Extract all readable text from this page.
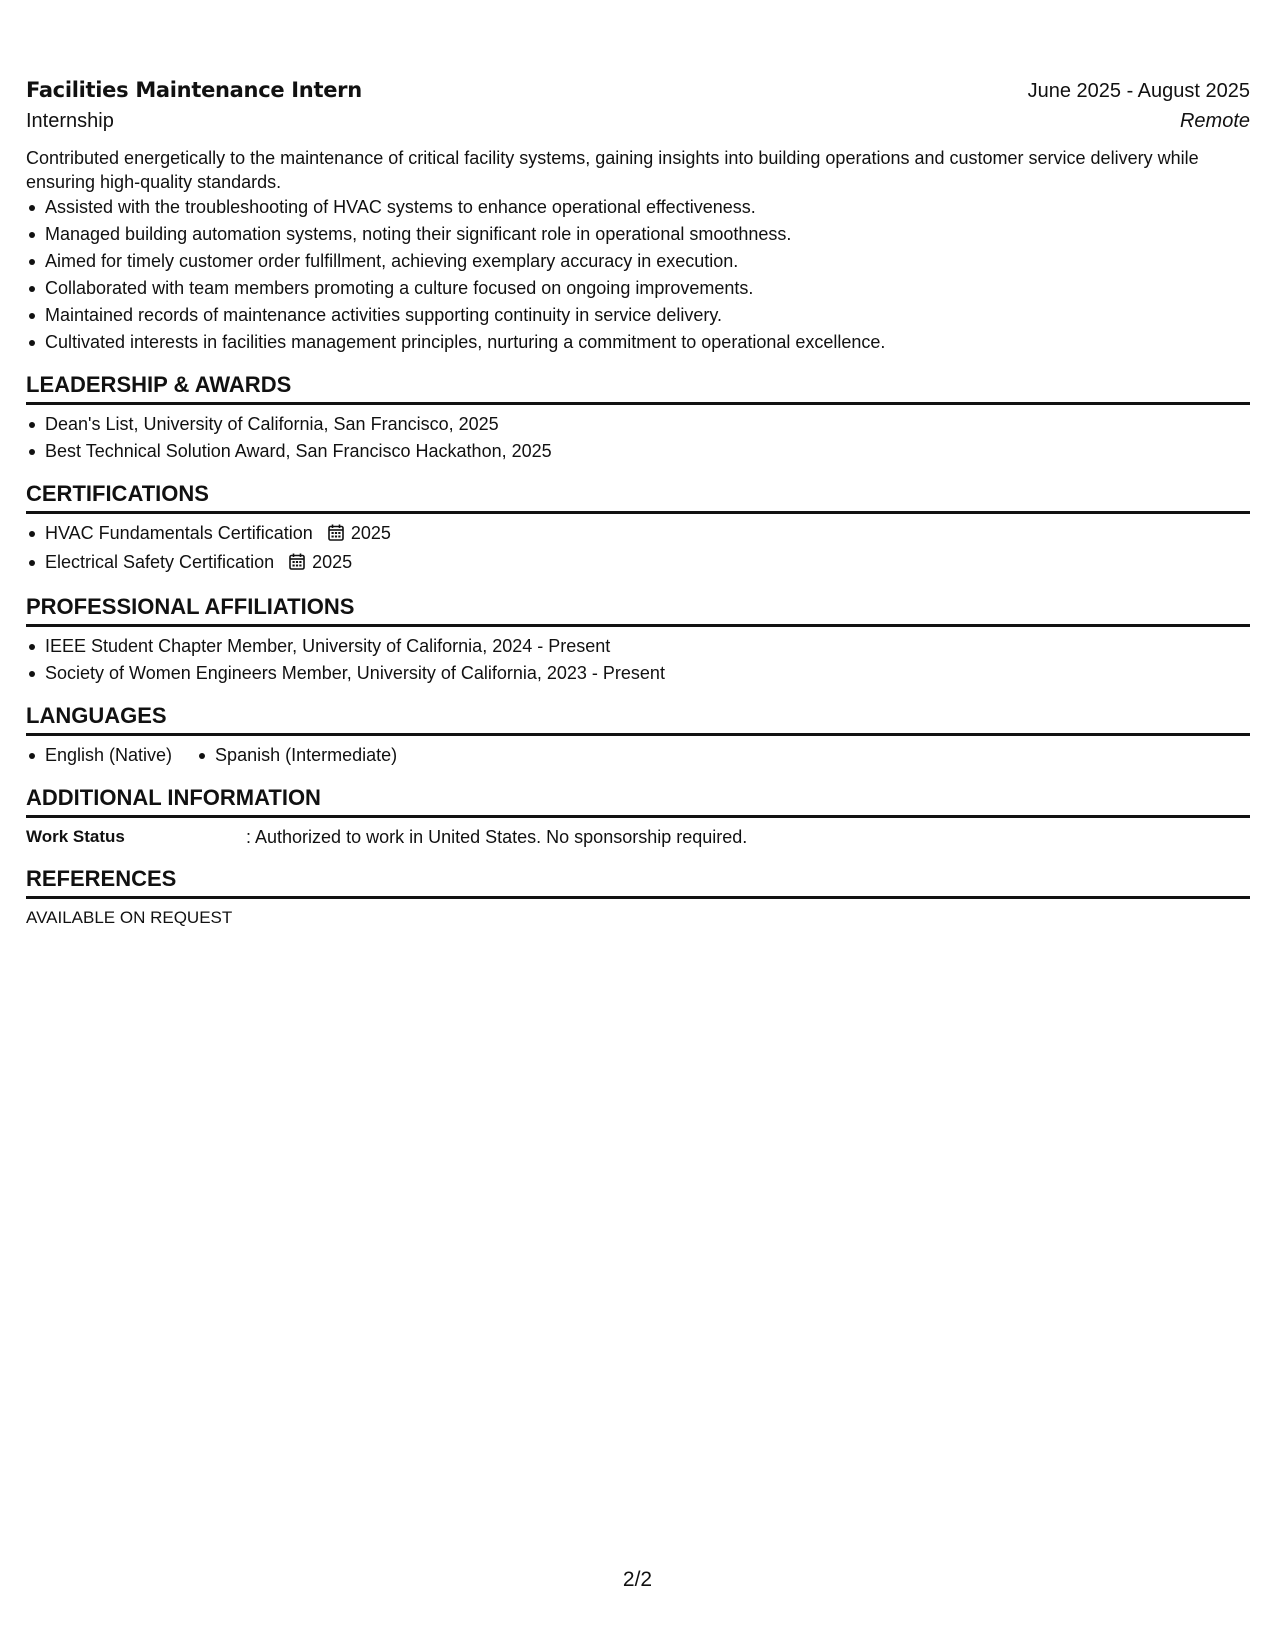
Facilities Maintenance Intern	June 2025 - August 2025
Internship	Remote
Contributed energetically to the maintenance of critical facility systems, gaining insights into building operations and customer service delivery while ensuring high-quality standards.
Assisted with the troubleshooting of HVAC systems to enhance operational effectiveness.
Managed building automation systems, noting their significant role in operational smoothness.
Aimed for timely customer order fulfillment, achieving exemplary accuracy in execution.
Collaborated with team members promoting a culture focused on ongoing improvements.
Maintained records of maintenance activities supporting continuity in service delivery.
Cultivated interests in facilities management principles, nurturing a commitment to operational excellence.
LEADERSHIP & AWARDS
Dean's List, University of California, San Francisco, 2025
Best Technical Solution Award, San Francisco Hackathon, 2025
CERTIFICATIONS
HVAC Fundamentals Certification 2025
Electrical Safety Certification 2025
PROFESSIONAL AFFILIATIONS
IEEE Student Chapter Member, University of California, 2024 - Present
Society of Women Engineers Member, University of California, 2023 - Present
LANGUAGES
English (Native)	Spanish (Intermediate)
ADDITIONAL INFORMATION
Work Status	: Authorized to work in United States. No sponsorship required.
REFERENCES
AVAILABLE ON REQUEST
2/2
